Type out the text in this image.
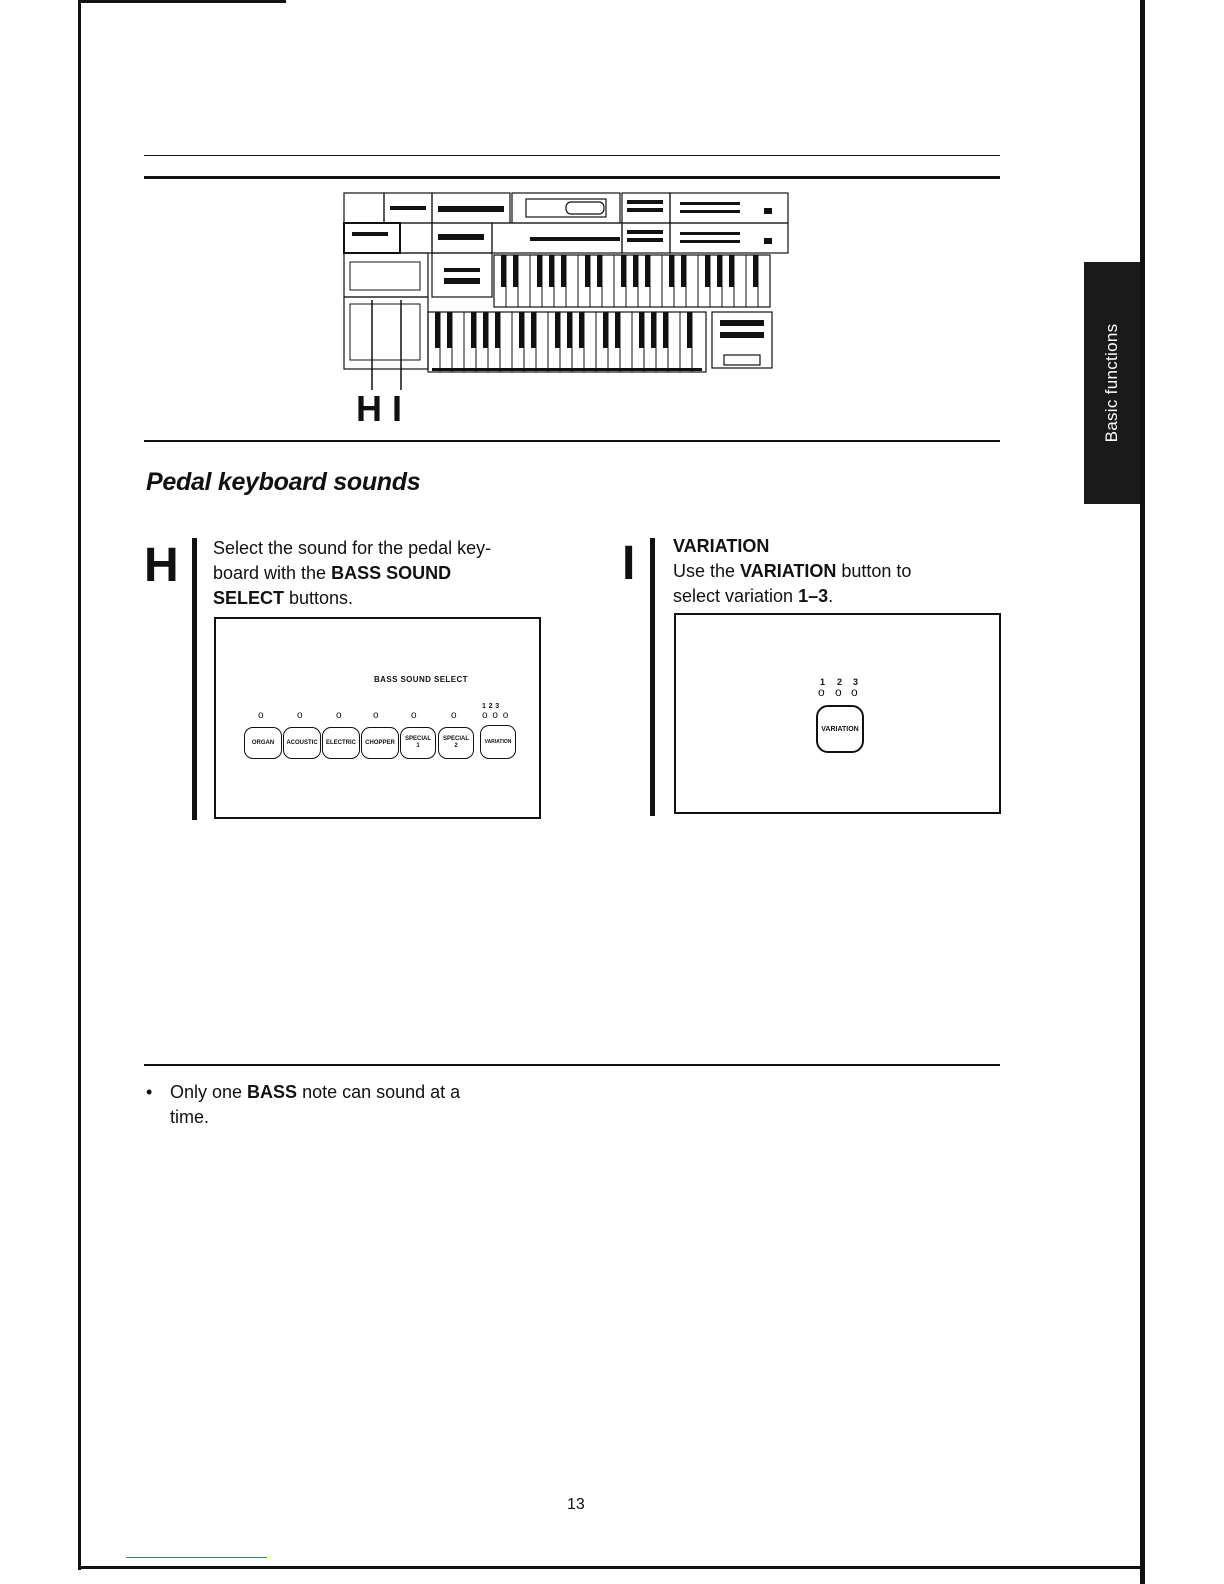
Basic functions
H I
Pedal keyboard sounds
H Select the sound for the pedal key-
board with the BASS SOUND
SELECT buttons.
BASS SOUND SELECT
o	o	o	o	o	o
1 2 3
o o o
ORGAN ACOUSTIC ELECTRIC CHOPPER
SPECIAL
1
SPECIAL
2
VARIATION
I VARIATION
Use the VARIATION button to
select variation 1–3.
1 2 3
o o o
VARIATION
• Only one BASS note can sound at a
time.
13
